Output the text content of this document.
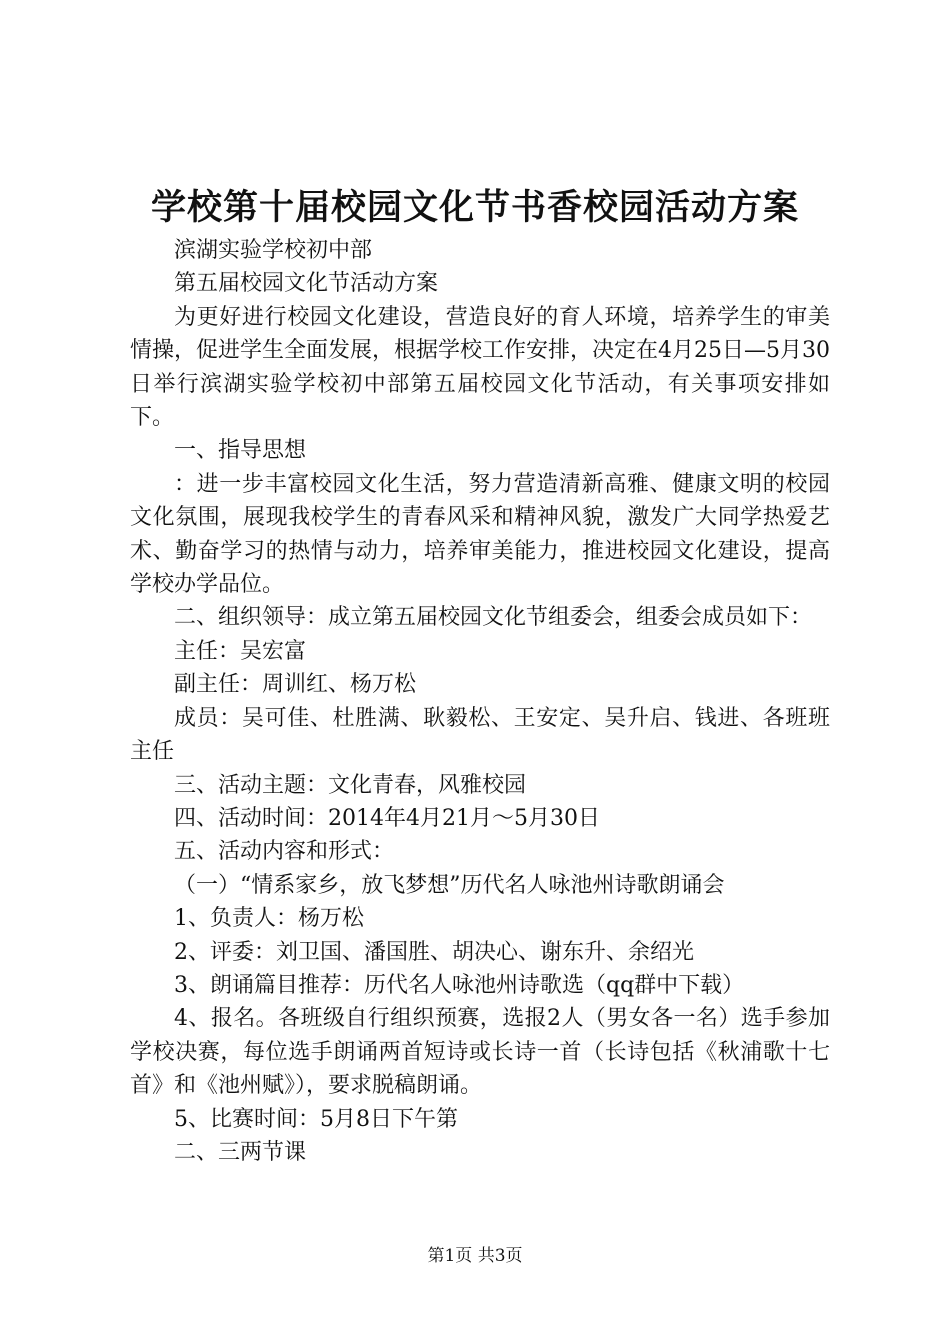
学校第十届校园文化节书香校园活动方案

滨湖实验学校初中部

第五届校园文化节活动方案

为更好进行校园文化建设，营造良好的育人环境，培养学生的审美情操，促进学生全面发展，根据学校工作安排，决定在4月25日—5月30日举行滨湖实验学校初中部第五届校园文化节活动，有关事项安排如下。

一、指导思想

：进一步丰富校园文化生活，努力营造清新高雅、健康文明的校园文化氛围，展现我校学生的青春风采和精神风貌，激发广大同学热爱艺术、勤奋学习的热情与动力，培养审美能力，推进校园文化建设，提高学校办学品位。

二、组织领导：成立第五届校园文化节组委会，组委会成员如下：

主任：吴宏富

副主任：周训红、杨万松

成员：吴可佳、杜胜满、耿毅松、王安定、吴升启、钱进、各班班主任

三、活动主题：文化青春，风雅校园

四、活动时间：2014年4月21月～5月30日

五、活动内容和形式：

（一）“情系家乡，放飞梦想”历代名人咏池州诗歌朗诵会

1、负责人：杨万松

2、评委：刘卫国、潘国胜、胡决心、谢东升、余绍光

3、朗诵篇目推荐：历代名人咏池州诗歌选（qq群中下载）

4、报名。各班级自行组织预赛，选报2人（男女各一名）选手参加学校决赛，每位选手朗诵两首短诗或长诗一首（长诗包括《秋浦歌十七首》和《池州赋》），要求脱稿朗诵。

5、比赛时间：5月8日下午第

二、三两节课

第1页 共3页
